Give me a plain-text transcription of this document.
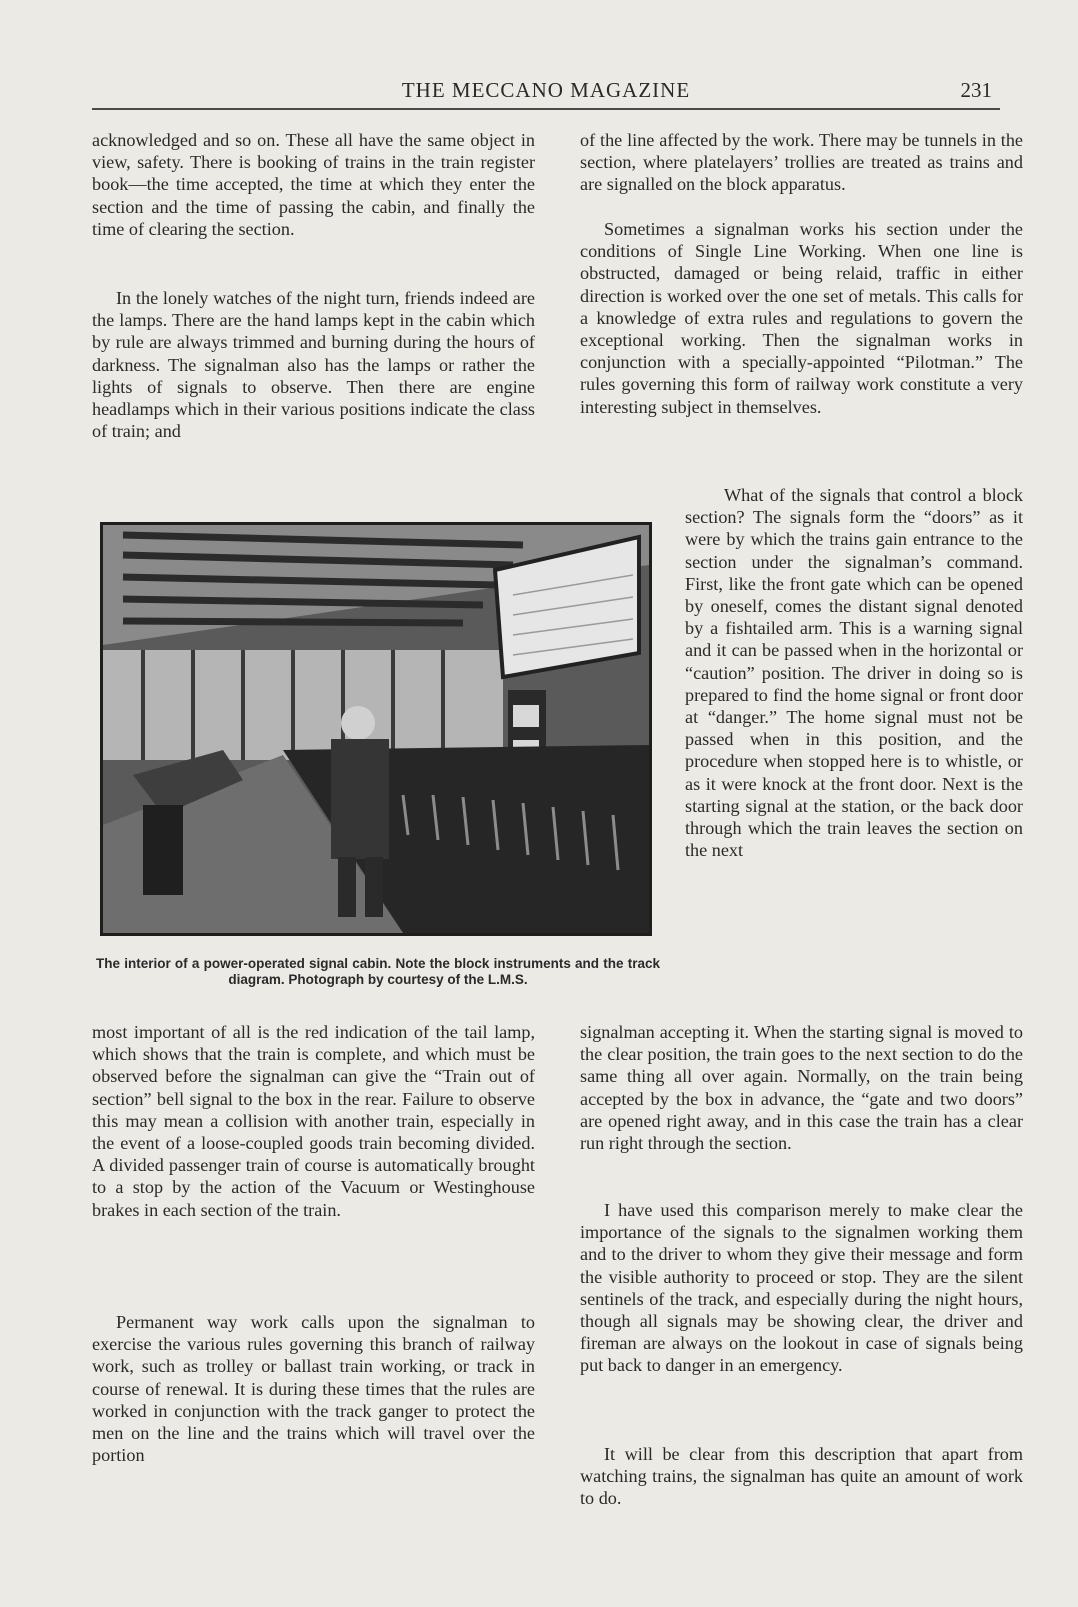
THE MECCANO MAGAZINE	231

acknowledged and so on. These all have the same object in view, safety. There is booking of trains in the train register book—the time accepted, the time at which they enter the section and the time of passing the cabin, and finally the time of clearing the section.

In the lonely watches of the night turn, friends indeed are the lamps. There are the hand lamps kept in the cabin which by rule are always trimmed and burning during the hours of darkness. The signalman also has the lamps or rather the lights of signals to observe. Then there are engine headlamps which in their various positions indicate the class of train; and

The interior of a power-operated signal cabin. Note the block instruments and the track diagram. Photograph by courtesy of the L.M.S.

most important of all is the red indication of the tail lamp, which shows that the train is complete, and which must be observed before the signalman can give the “Train out of section” bell signal to the box in the rear. Failure to observe this may mean a collision with another train, especially in the event of a loose-coupled goods train becoming divided. A divided passenger train of course is automatically brought to a stop by the action of the Vacuum or Westinghouse brakes in each section of the train.

Permanent way work calls upon the signalman to exercise the various rules governing this branch of railway work, such as trolley or ballast train working, or track in course of renewal. It is during these times that the rules are worked in conjunction with the track ganger to protect the men on the line and the trains which will travel over the portion

of the line affected by the work. There may be tunnels in the section, where platelayers’ trollies are treated as trains and are signalled on the block apparatus.

Sometimes a signalman works his section under the conditions of Single Line Working. When one line is obstructed, damaged or being relaid, traffic in either direction is worked over the one set of metals. This calls for a knowledge of extra rules and regulations to govern the exceptional working. Then the signalman works in conjunction with a specially-appointed “Pilotman.” The rules governing this form of railway work constitute a very interesting subject in themselves.

What of the signals that control a block section? The signals form the “doors” as it were by which the trains gain entrance to the section under the signalman’s command. First, like the front gate which can be opened by oneself, comes the distant signal denoted by a fishtailed arm. This is a warning signal and it can be passed when in the horizontal or “caution” position. The driver in doing so is prepared to find the home signal or front door at “danger.” The home signal must not be passed when in this position, and the procedure when stopped here is to whistle, or as it were knock at the front door. Next is the starting signal at the station, or the back door through which the train leaves the section on the next

signalman accepting it. When the starting signal is moved to the clear position, the train goes to the next section to do the same thing all over again. Normally, on the train being accepted by the box in advance, the “gate and two doors” are opened right away, and in this case the train has a clear run right through the section.

I have used this comparison merely to make clear the importance of the signals to the signalmen working them and to the driver to whom they give their message and form the visible authority to proceed or stop. They are the silent sentinels of the track, and especially during the night hours, though all signals may be showing clear, the driver and fireman are always on the lookout in case of signals being put back to danger in an emergency.

It will be clear from this description that apart from watching trains, the signalman has quite an amount of work to do.
